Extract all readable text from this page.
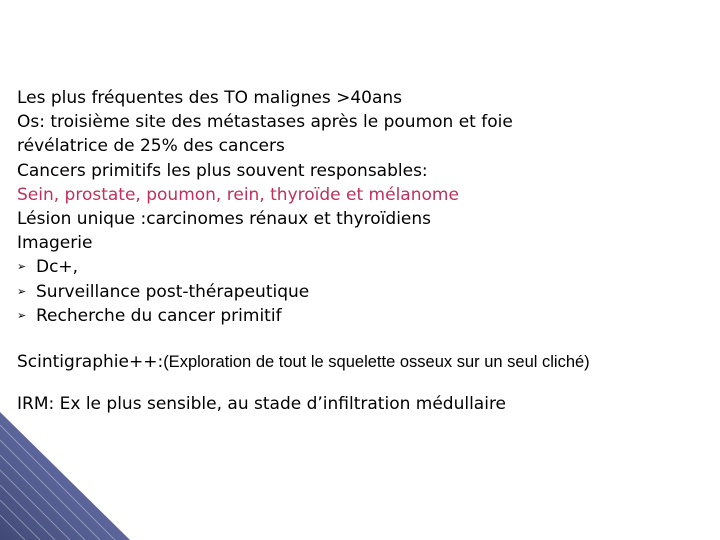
Les plus fréquentes des TO malignes >40ans
Os: troisième site des métastases après le poumon et foie
révélatrice de 25% des cancers
Cancers primitifs les plus souvent responsables:
Sein, prostate, poumon, rein, thyroïde et mélanome
Lésion unique :carcinomes rénaux et thyroïdiens
Imagerie
➢ Dc+,
➢ Surveillance post-thérapeutique
➢ Recherche du cancer primitif
Scintigraphie++:(Exploration de tout le squelette osseux sur un seul cliché)
IRM: Ex le plus sensible, au stade d’infiltration médullaire
